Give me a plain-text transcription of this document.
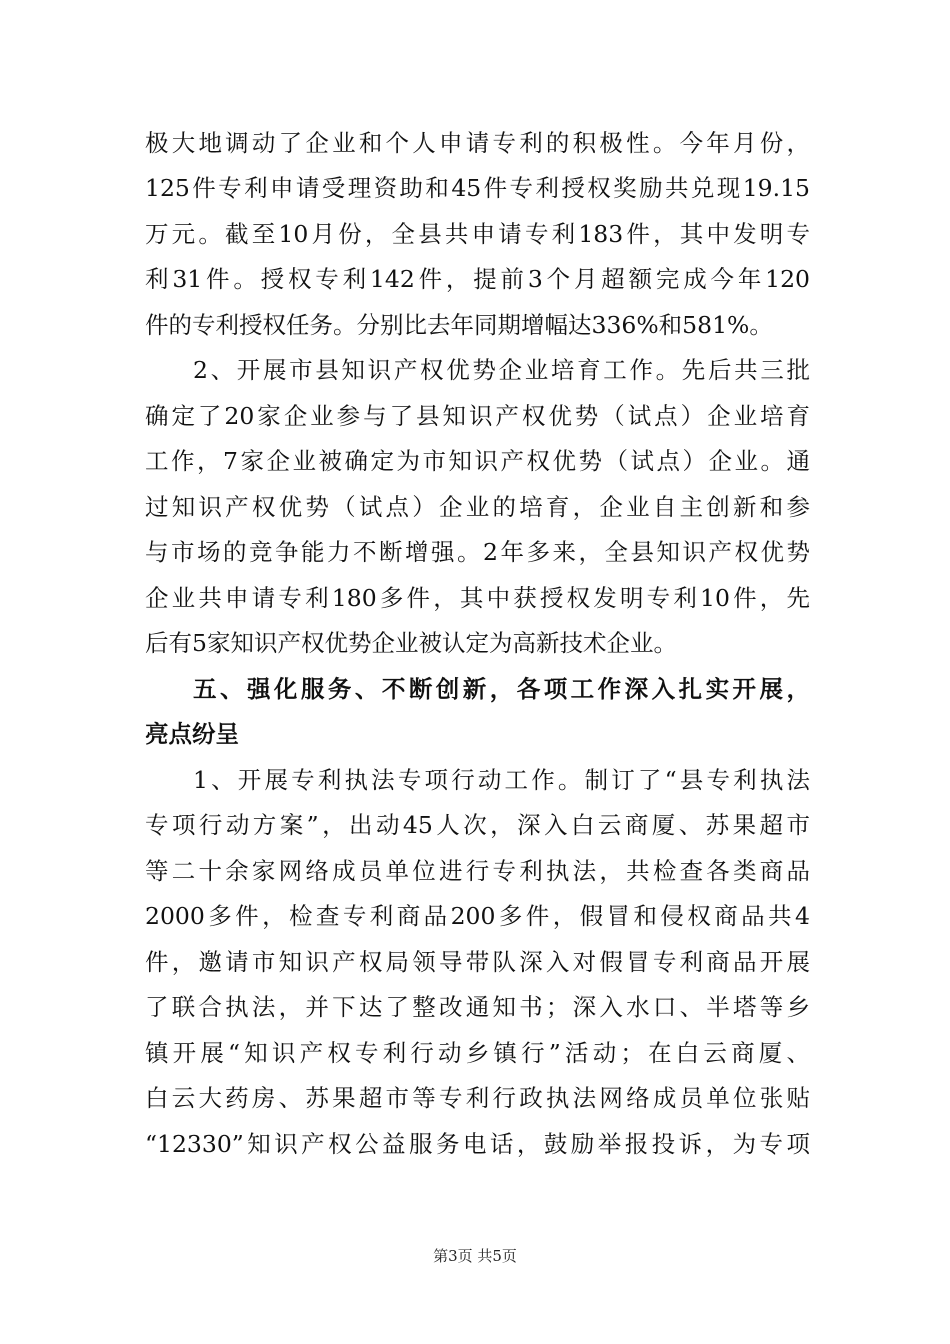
极大地调动了企业和个人申请专利的积极性。今年月份，
125件专利申请受理资助和45件专利授权奖励共兑现19.15
万元。截至10月份，全县共申请专利183件，其中发明专
利31件。授权专利142件，提前3个月超额完成今年120
件的专利授权任务。分别比去年同期增幅达336%和581%。
2、开展市县知识产权优势企业培育工作。先后共三批
确定了20家企业参与了县知识产权优势（试点）企业培育
工作，7家企业被确定为市知识产权优势（试点）企业。通
过知识产权优势（试点）企业的培育，企业自主创新和参
与市场的竞争能力不断增强。2年多来，全县知识产权优势
企业共申请专利180多件，其中获授权发明专利10件，先
后有5家知识产权优势企业被认定为高新技术企业。
五、强化服务、不断创新，各项工作深入扎实开展，
亮点纷呈
1、开展专利执法专项行动工作。制订了“县专利执法
专项行动方案”，出动45人次，深入白云商厦、苏果超市
等二十余家网络成员单位进行专利执法，共检查各类商品
2000多件，检查专利商品200多件，假冒和侵权商品共4
件，邀请市知识产权局领导带队深入对假冒专利商品开展
了联合执法，并下达了整改通知书；深入水口、半塔等乡
镇开展“知识产权专利行动乡镇行”活动；在白云商厦、
白云大药房、苏果超市等专利行政执法网络成员单位张贴
“12330”知识产权公益服务电话，鼓励举报投诉，为专项
第3页 共5页
